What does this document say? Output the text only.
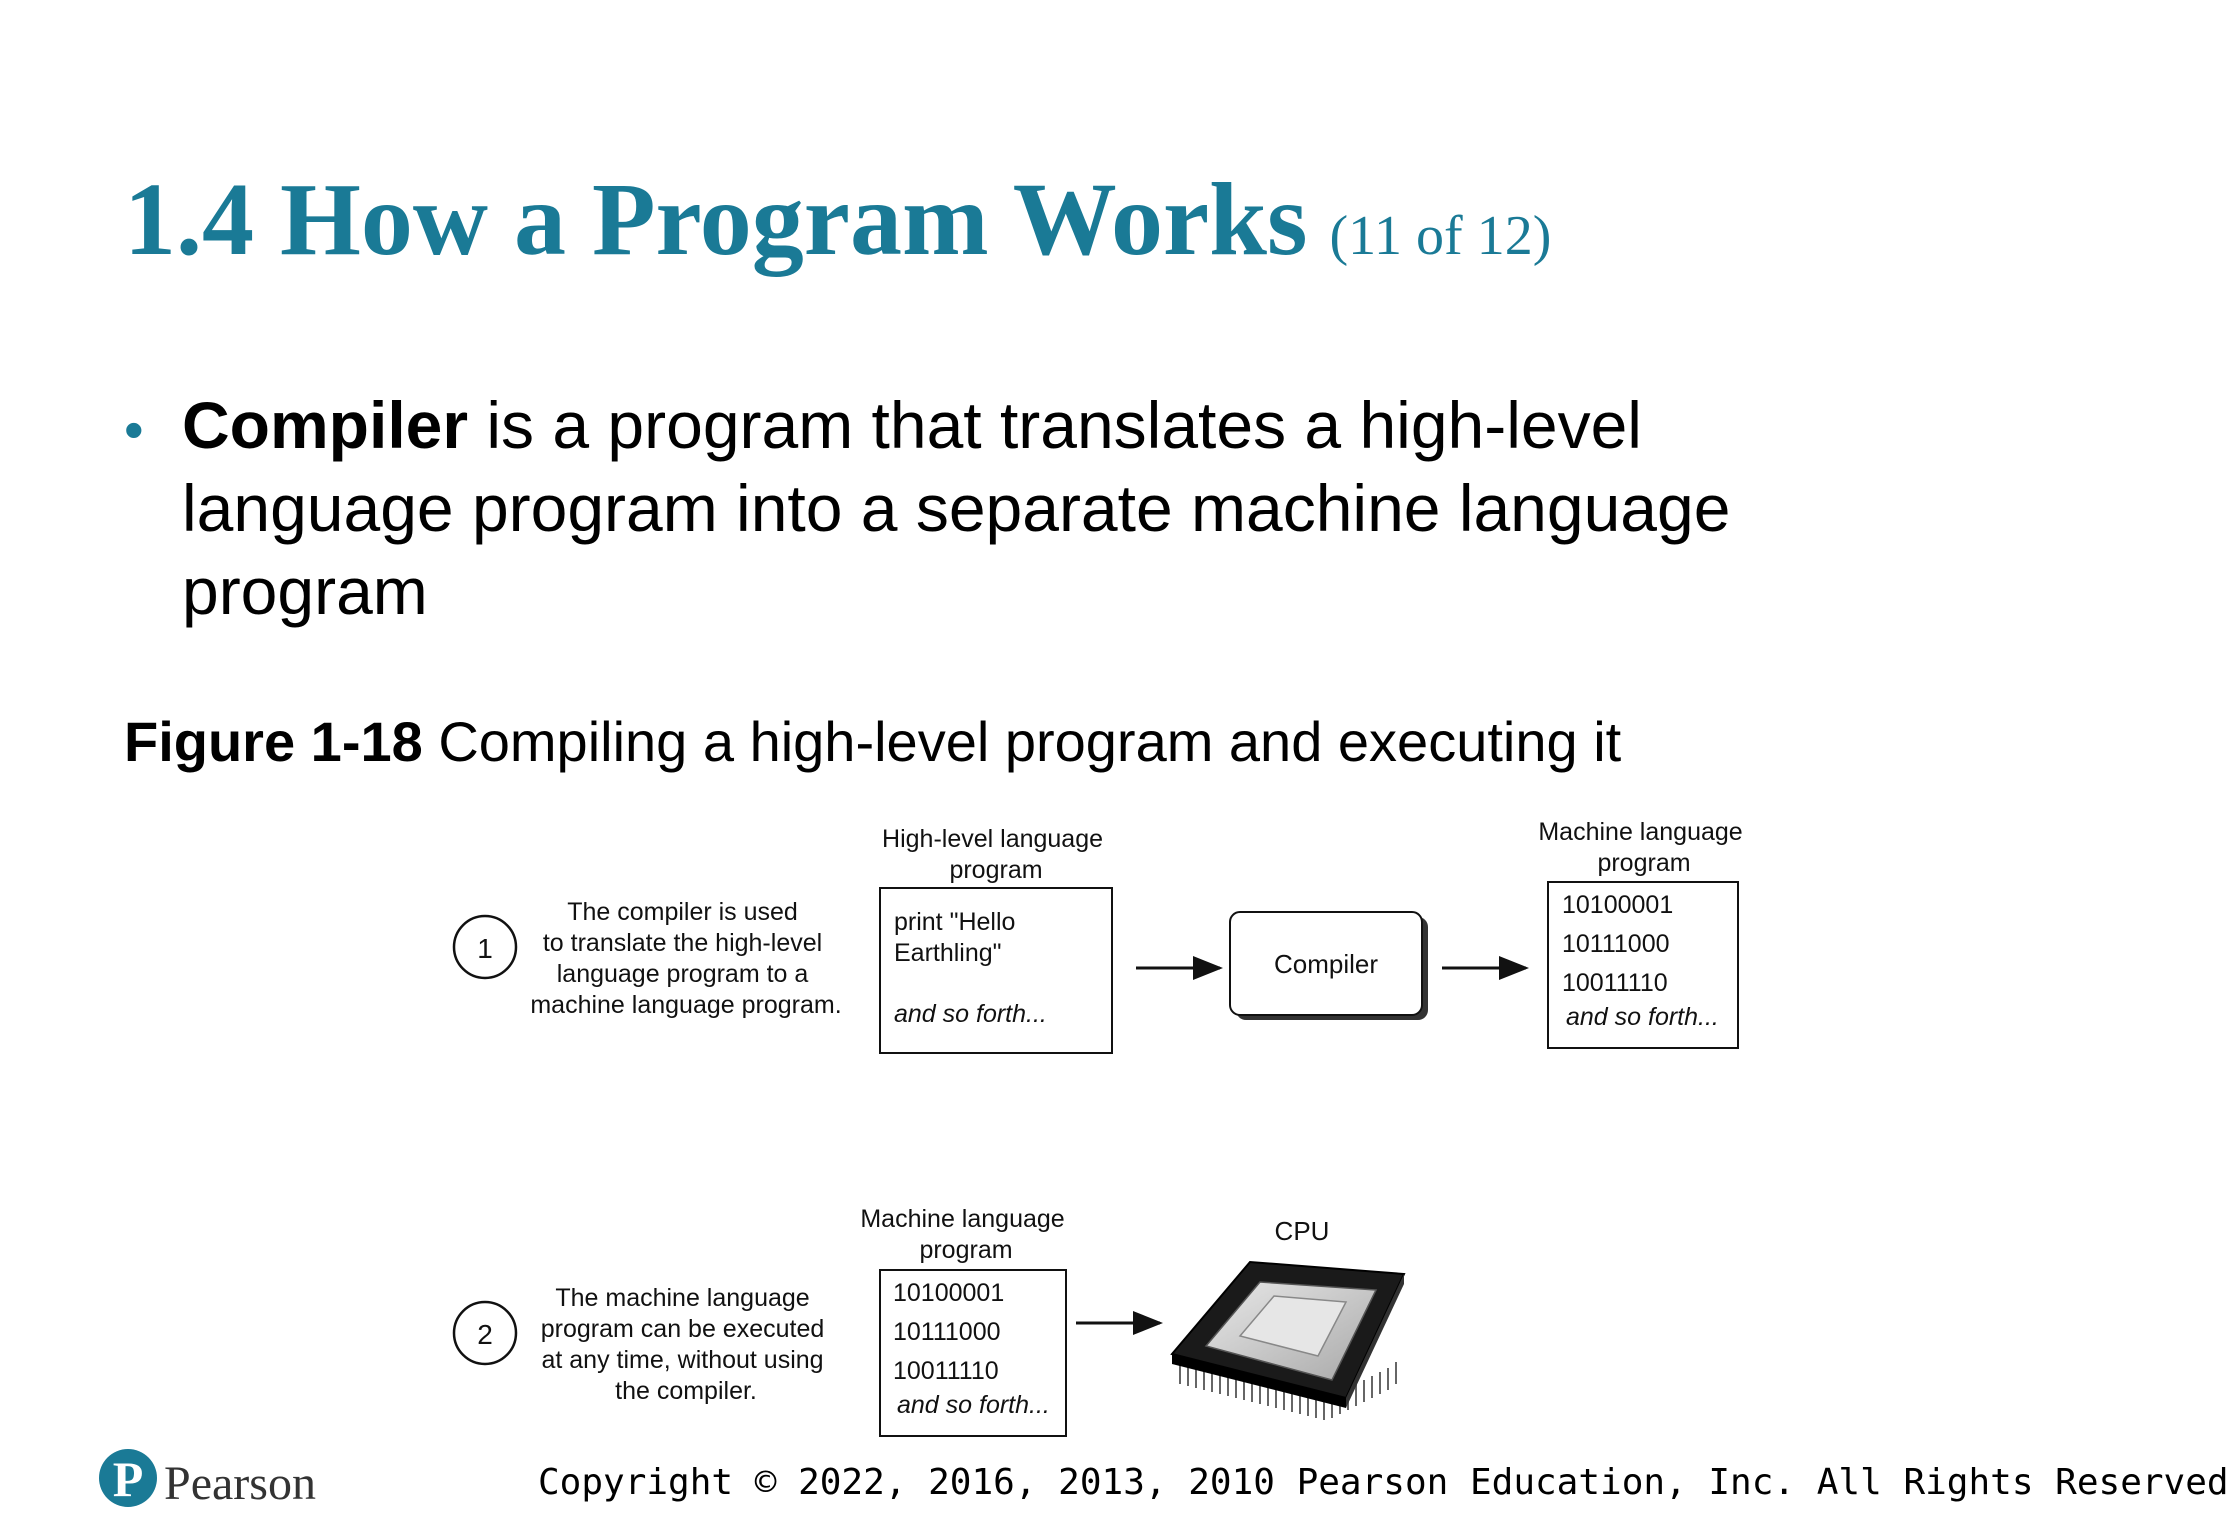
1.4 How a Program Works (11 of 12)
• Compiler is a program that translates a high-level language program into a separate machine language program
Figure 1-18 Compiling a high-level program and executing it
1
The compiler is used to translate the high-level language program to a machine language program.
High-level language program
print "Hello Earthling"
and so forth...
Compiler
Machine language program
10100001 10111000 10011110
and so forth...
2
The machine language program can be executed at any time, without using the compiler.
Machine language program
10100001 10111000 10011110
and so forth...
CPU
P Pearson	Copyright © 2022, 2016, 2013, 2010 Pearson Education, Inc. All Rights Reserved
